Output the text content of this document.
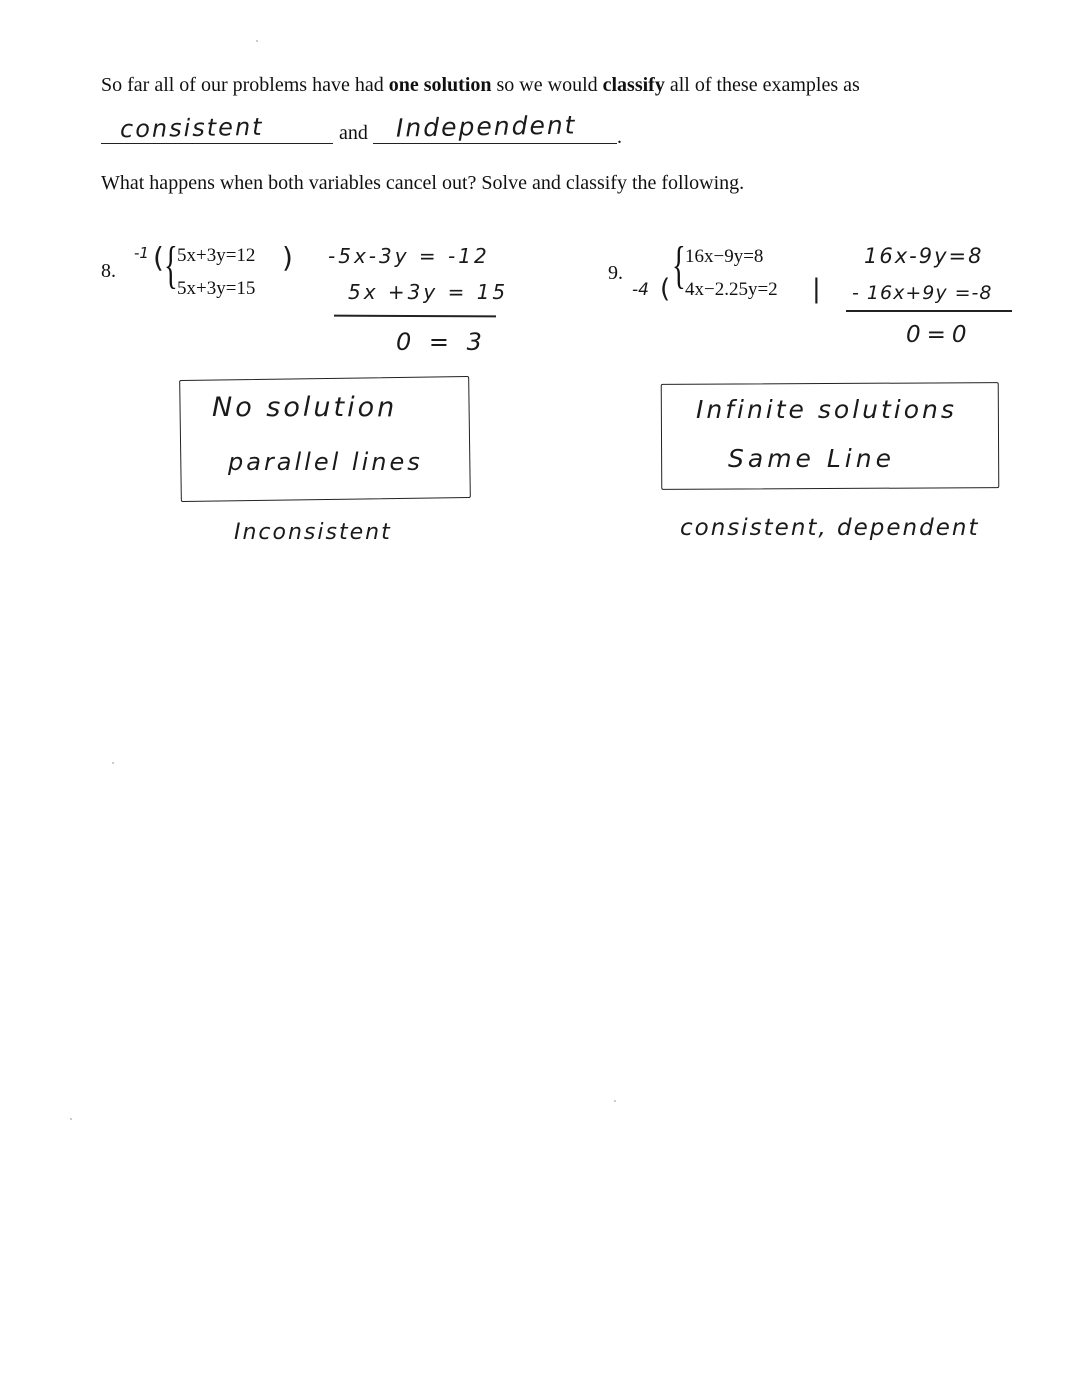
So far all of our problems have had one solution so we would classify all of these examples as
consistent	and Independent .
What happens when both variables cancel out? Solve and classify the following.
8.
-1 ( { 5x+3y=12 )
5x+3y=15
-5x-3y = -12
5x +3y = 15
0 = 3
No solution
parallel lines
Inconsistent
9.
-4 ( { 16x−9y=8
4x−2.25y=2 |
16x-9y=8
- 16x+9y =-8
0=0
Infinite solutions
Same Line
consistent, dependent
